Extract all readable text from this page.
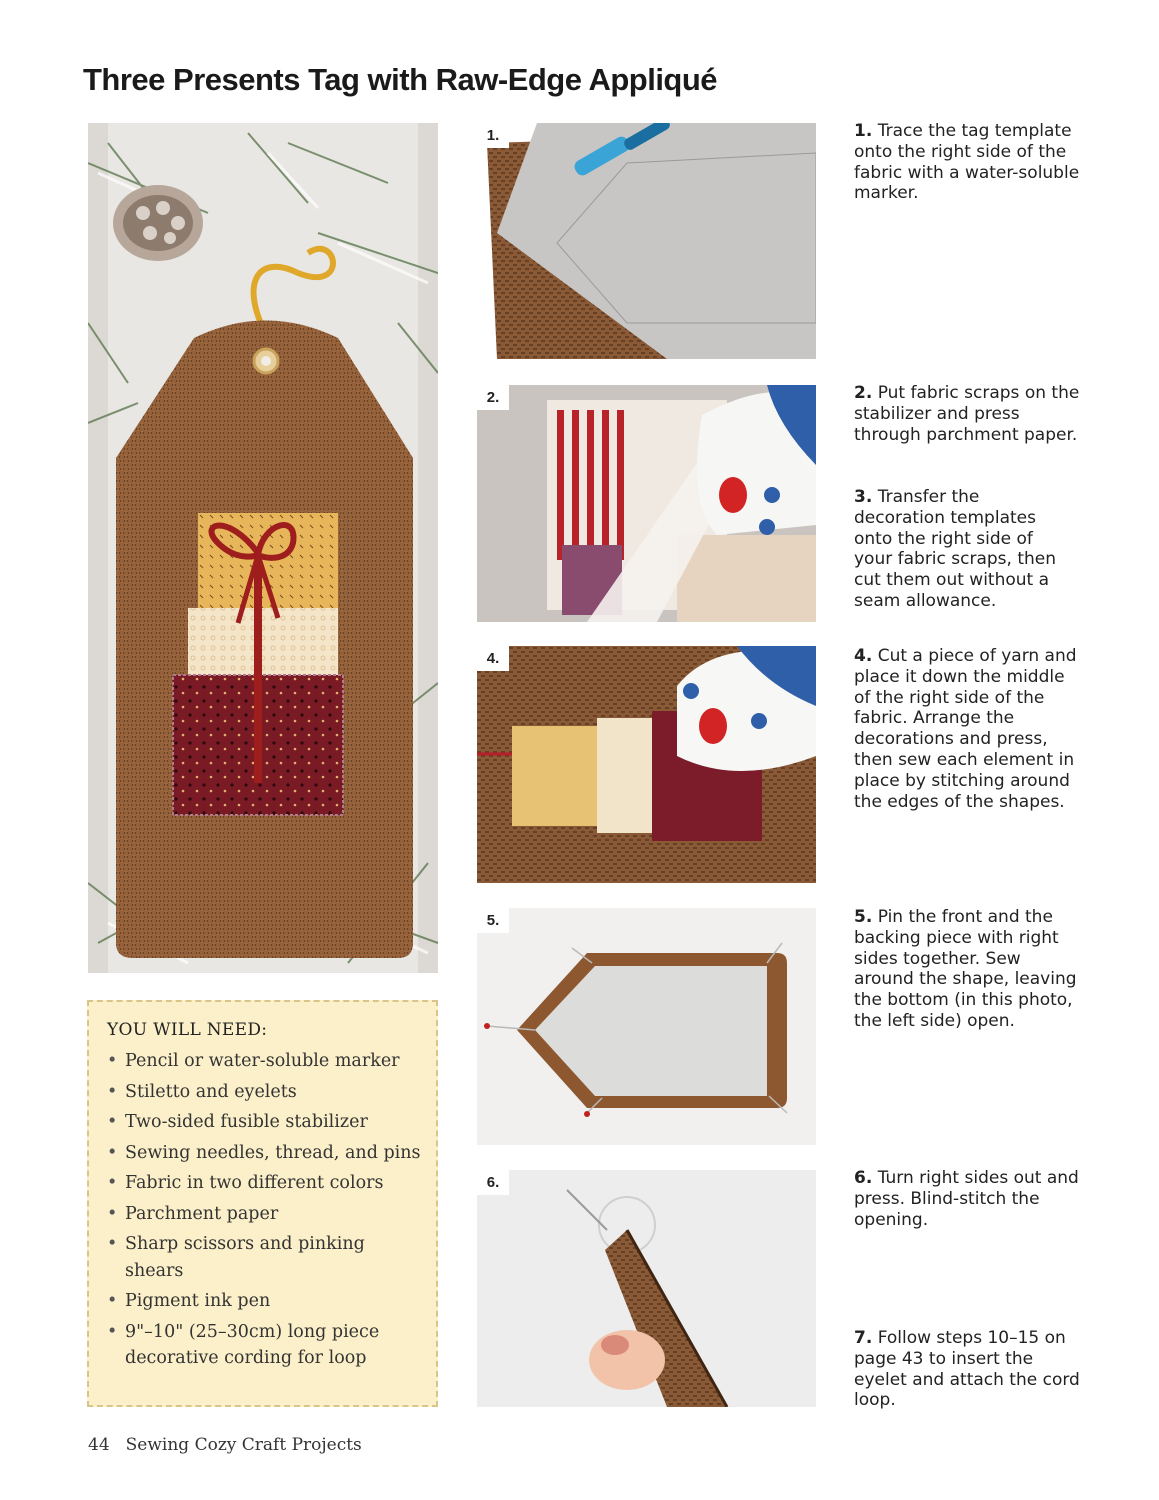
Three Presents Tag with Raw-Edge Appliqué
1.
2.
4.
5.
6.
1. Trace the tag template onto the right side of the fabric with a water-soluble marker.
2. Put fabric scraps on the stabilizer and press through parchment paper.
3. Transfer the decoration templates onto the right side of your fabric scraps, then cut them out without a seam allowance.
4. Cut a piece of yarn and place it down the middle of the right side of the fabric. Arrange the decorations and press, then sew each element in place by stitching around the edges of the shapes.
5. Pin the front and the backing piece with right sides together. Sew around the shape, leaving the bottom (in this photo, the left side) open.
6. Turn right sides out and press. Blind-stitch the opening.
7. Follow steps 10–15 on page 43 to insert the eyelet and attach the cord loop.
YOU WILL NEED:
• Pencil or water-soluble marker
• Stiletto and eyelets
• Two-sided fusible stabilizer
• Sewing needles, thread, and pins
• Fabric in two different colors
• Parchment paper
• Sharp scissors and pinking shears
• Pigment ink pen
• 9"–10" (25–30cm) long piece decorative cording for loop
44 Sewing Cozy Craft Projects
